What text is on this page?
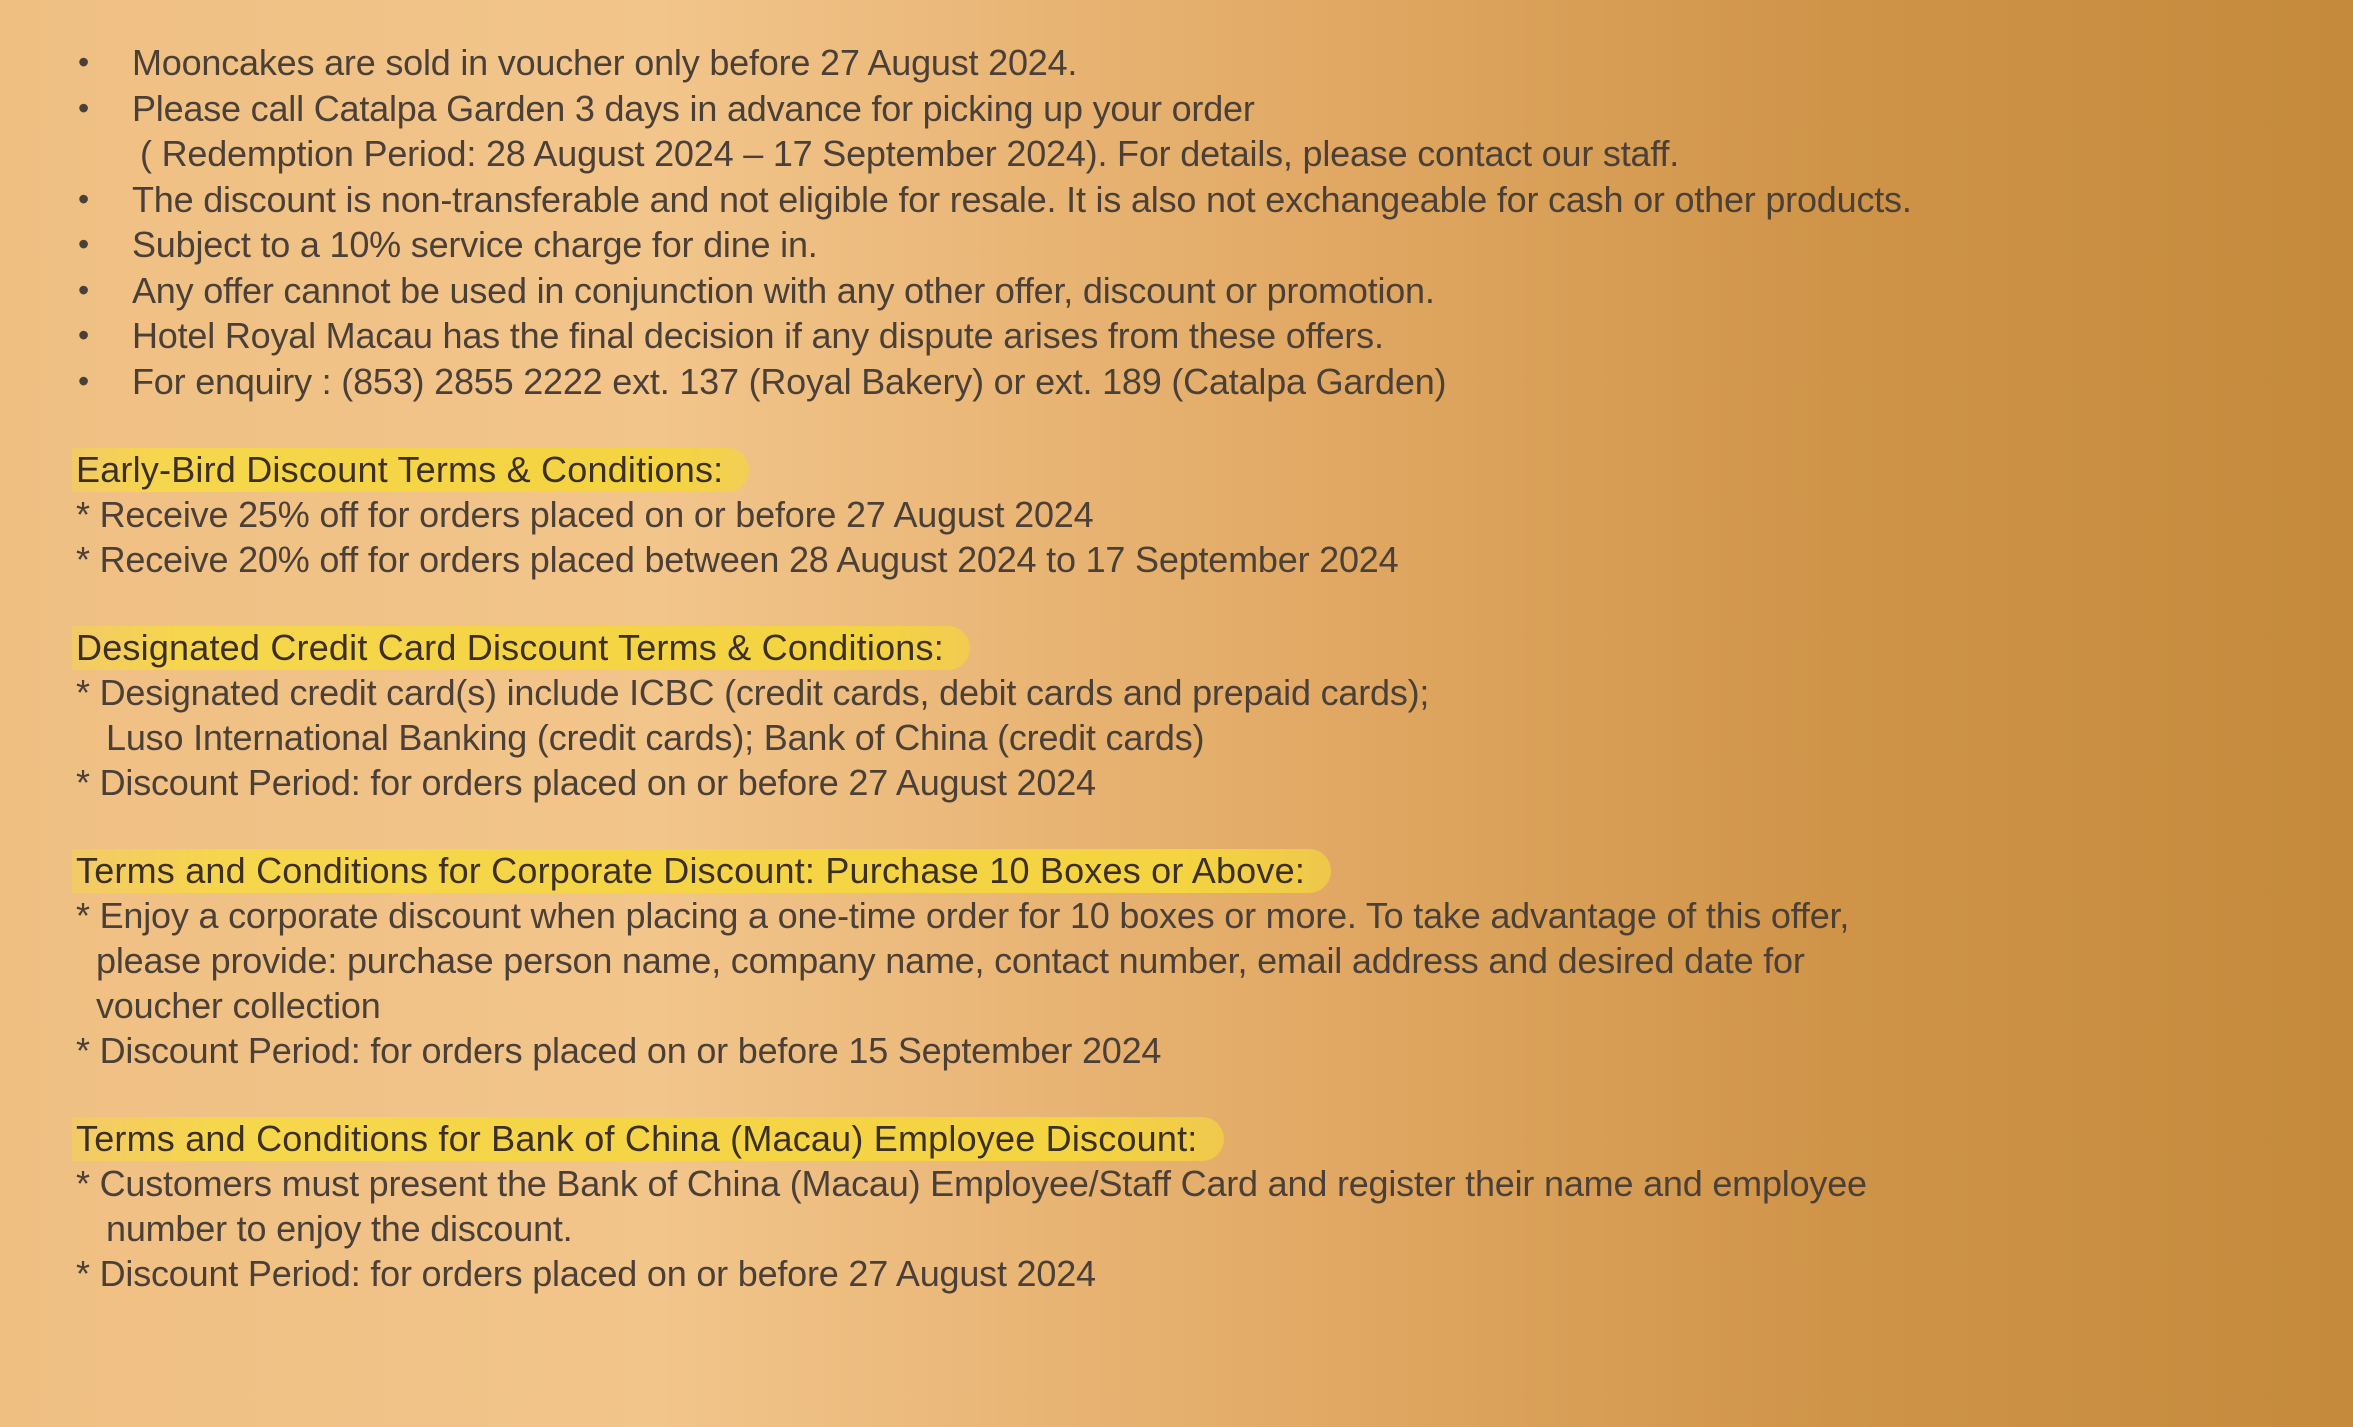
• Mooncakes are sold in voucher only before 27 August 2024.
• Please call Catalpa Garden 3 days in advance for picking up your order
( Redemption Period: 28 August 2024 – 17 September 2024). For details, please contact our staff.
• The discount is non-transferable and not eligible for resale. It is also not exchangeable for cash or other products.
• Subject to a 10% service charge for dine in.
• Any offer cannot be used in conjunction with any other offer, discount or promotion.
• Hotel Royal Macau has the final decision if any dispute arises from these offers.
• For enquiry : (853) 2855 2222 ext. 137 (Royal Bakery) or ext. 189 (Catalpa Garden)
Early-Bird Discount Terms & Conditions:
* Receive 25% off for orders placed on or before 27 August 2024
* Receive 20% off for orders placed between 28 August 2024 to 17 September 2024
Designated Credit Card Discount Terms & Conditions:
* Designated credit card(s) include ICBC (credit cards, debit cards and prepaid cards);
Luso International Banking (credit cards); Bank of China (credit cards)
* Discount Period: for orders placed on or before 27 August 2024
Terms and Conditions for Corporate Discount: Purchase 10 Boxes or Above:
* Enjoy a corporate discount when placing a one-time order for 10 boxes or more. To take advantage of this offer,
please provide: purchase person name, company name, contact number, email address and desired date for
voucher collection
* Discount Period: for orders placed on or before 15 September 2024
Terms and Conditions for Bank of China (Macau) Employee Discount:
* Customers must present the Bank of China (Macau) Employee/Staff Card and register their name and employee
number to enjoy the discount.
* Discount Period: for orders placed on or before 27 August 2024
